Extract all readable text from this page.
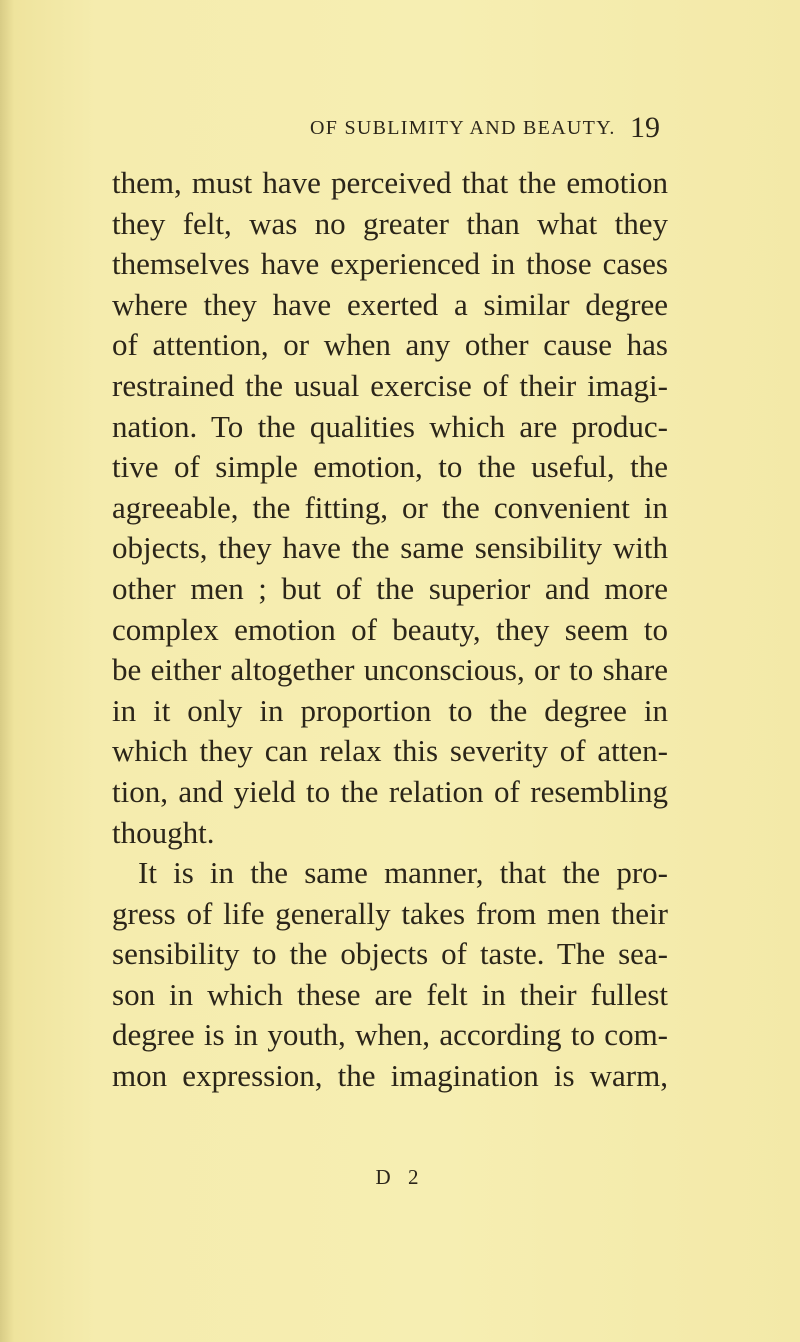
OF SUBLIMITY AND BEAUTY. 19
them, must have perceived that the emotion
they felt, was no greater than what they
themselves have experienced in those cases
where they have exerted a similar degree
of attention, or when any other cause has
restrained the usual exercise of their imagi-
nation. To the qualities which are produc-
tive of simple emotion, to the useful, the
agreeable, the fitting, or the convenient in
objects, they have the same sensibility with
other men ; but of the superior and more
complex emotion of beauty, they seem to
be either altogether unconscious, or to share
in it only in proportion to the degree in
which they can relax this severity of atten-
tion, and yield to the relation of resembling
thought.
It is in the same manner, that the pro-
gress of life generally takes from men their
sensibility to the objects of taste. The sea-
son in which these are felt in their fullest
degree is in youth, when, according to com-
mon expression, the imagination is warm,
D 2
